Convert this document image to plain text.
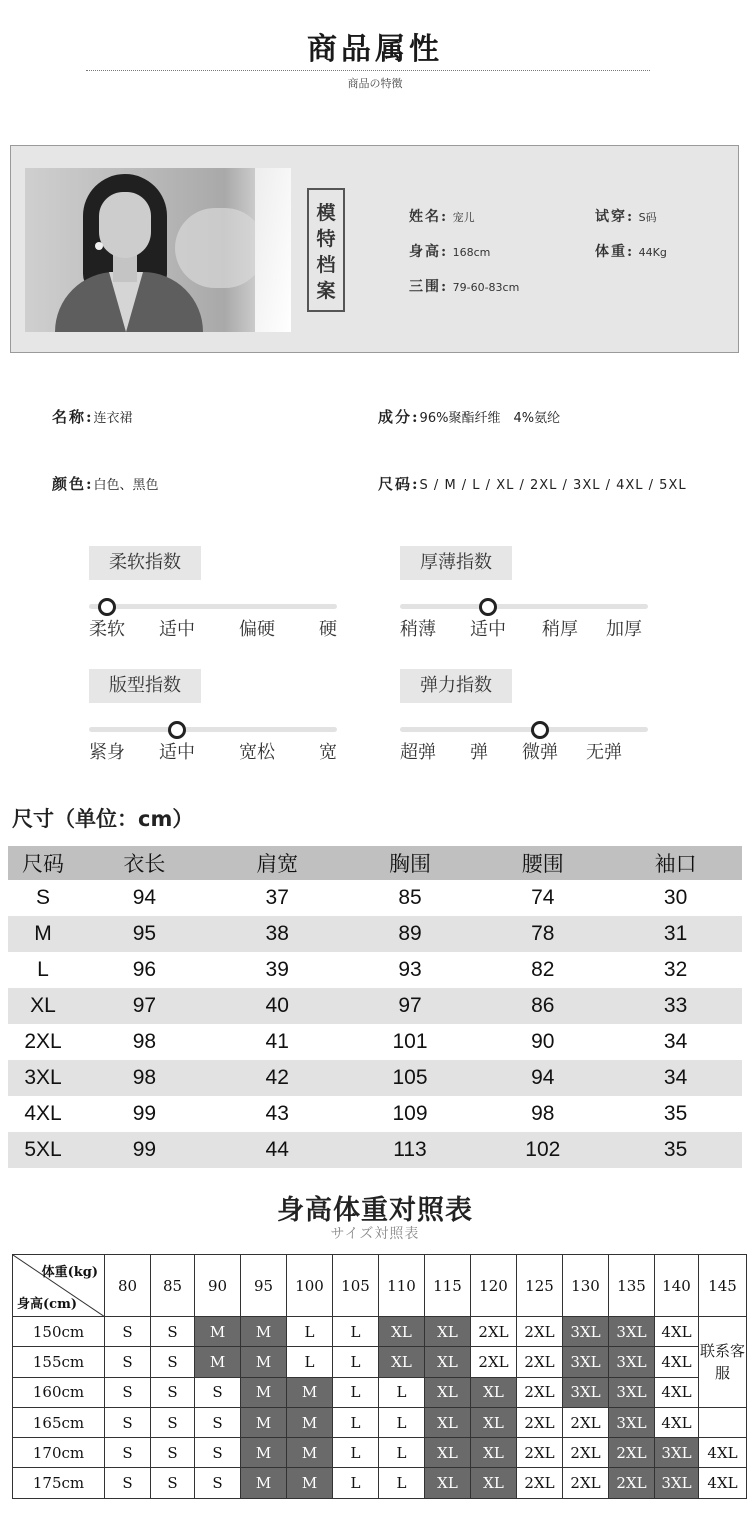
商品属性
商品の特徴
模
特
档
案
姓名: 宠儿	试穿: S码
身高: 168cm	体重: 44Kg
三围: 79-60-83cm
名称:连衣裙	成分:96%聚酯纤维　4%氨纶
颜色:白色、黑色	尺码:S / M / L / XL / 2XL / 3XL / 4XL / 5XL
柔软指数
柔软 适中 偏硬 硬
厚薄指数
稍薄 适中 稍厚 加厚
版型指数
紧身 适中 宽松 宽
弹力指数
超弹 弹 微弹 无弹
尺寸（单位：cm）
尺码	衣长	肩宽	胸围	腰围	袖口
S	94	37	85	74	30
M	95	38	89	78	31
L	96	39	93	82	32
XL	97	40	97	86	33
2XL	98	41	101	90	34
3XL	98	42	105	94	34
4XL	99	43	109	98	35
5XL	99	44	113	102	35
身高体重对照表
サイズ対照表
体重(kg)
身高(cm)	80	85	90	95	100	105	110	115	120	125	130	135	140	145
150cm	S	S	M	M	L	L	XL	XL	2XL	2XL	3XL	3XL	4XL	联系客服
155cm	S	S	M	M	L	L	XL	XL	2XL	2XL	3XL	3XL	4XL	
160cm	S	S	S	M	M	L	L	XL	XL	2XL	3XL	3XL	4XL	
165cm	S	S	S	M	M	L	L	XL	XL	2XL	2XL	3XL	4XL	
170cm	S	S	S	M	M	L	L	XL	XL	2XL	2XL	2XL	3XL	4XL
175cm	S	S	S	M	M	L	L	XL	XL	2XL	2XL	2XL	3XL	4XL
